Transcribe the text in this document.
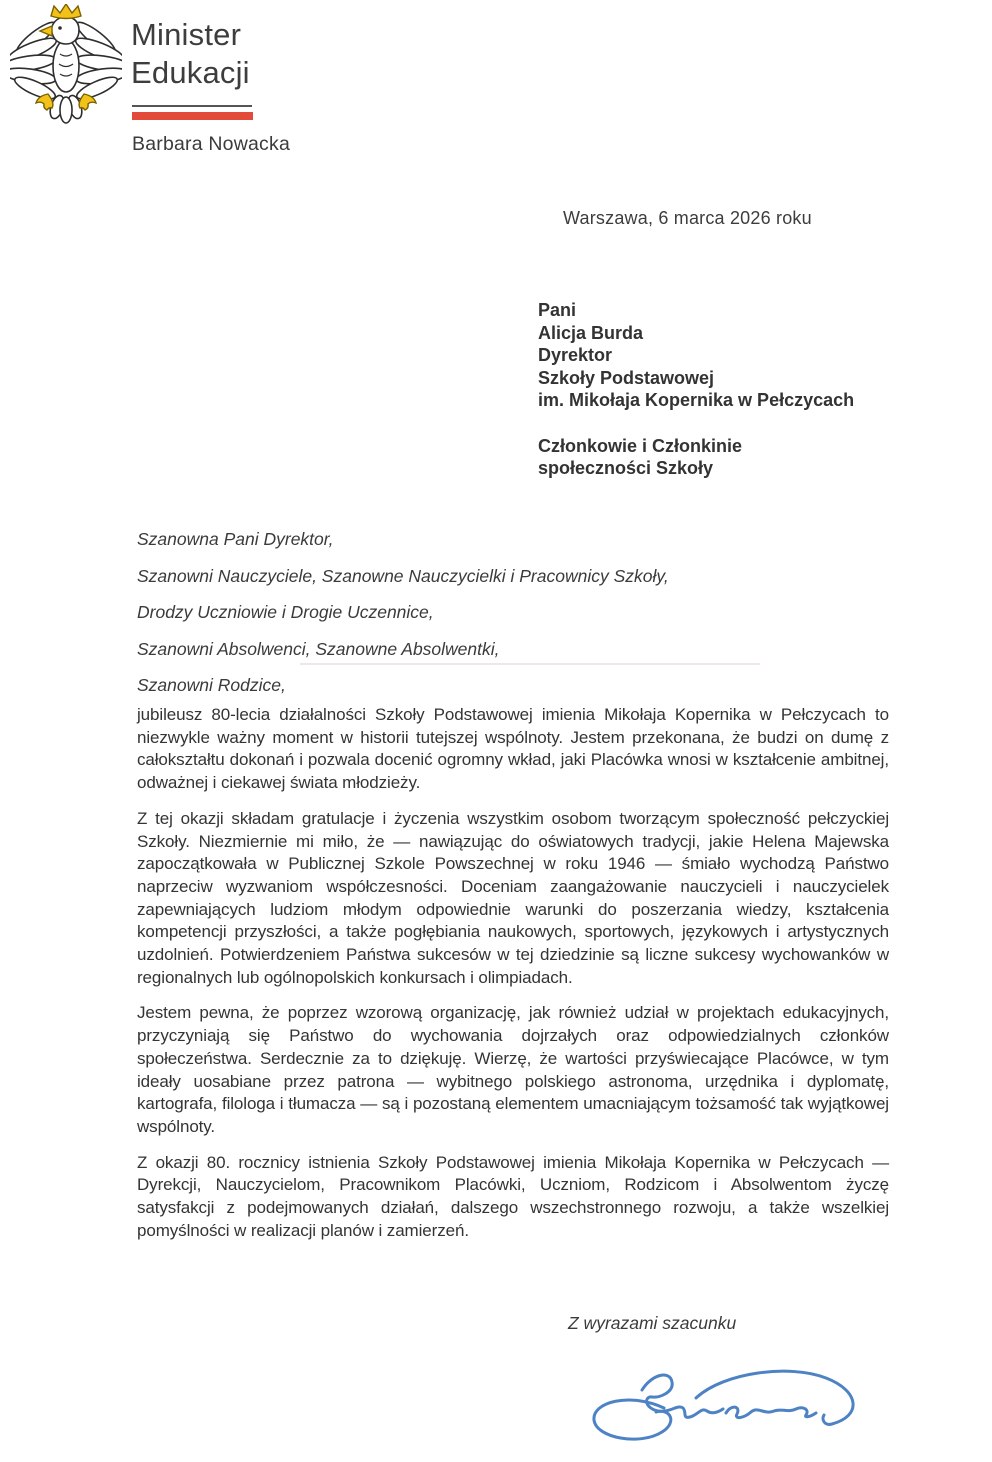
Minister
Edukacji
Barbara Nowacka
Warszawa, 6 marca 2026 roku
Pani
Alicja Burda
Dyrektor
Szkoły Podstawowej
im. Mikołaja Kopernika w Pełczycach
Członkowie i Członkinie
społeczności Szkoły
Szanowna Pani Dyrektor,
Szanowni Nauczyciele, Szanowne Nauczycielki i Pracownicy Szkoły,
Drodzy Uczniowie i Drogie Uczennice,
Szanowni Absolwenci, Szanowne Absolwentki,
Szanowni Rodzice,

jubileusz 80-lecia działalności Szkoły Podstawowej imienia Mikołaja Kopernika w Pełczycach to niezwykle ważny moment w historii tutejszej wspólnoty. Jestem przekonana, że budzi on dumę z całokształtu dokonań i pozwala docenić ogromny wkład, jaki Placówka wnosi w kształcenie ambitnej, odważnej i ciekawej świata młodzieży.

Z tej okazji składam gratulacje i życzenia wszystkim osobom tworzącym społeczność pełczyckiej Szkoły. Niezmiernie mi miło, że — nawiązując do oświatowych tradycji, jakie Helena Majewska zapoczątkowała w Publicznej Szkole Powszechnej w roku 1946 — śmiało wychodzą Państwo naprzeciw wyzwaniom współczesności. Doceniam zaangażowanie nauczycieli i nauczycielek zapewniających ludziom młodym odpowiednie warunki do poszerzania wiedzy, kształcenia kompetencji przyszłości, a także pogłębiania naukowych, sportowych, językowych i artystycznych uzdolnień. Potwierdzeniem Państwa sukcesów w tej dziedzinie są liczne sukcesy wychowanków w regionalnych lub ogólnopolskich konkursach i olimpiadach.

Jestem pewna, że poprzez wzorową organizację, jak również udział w projektach edukacyjnych, przyczyniają się Państwo do wychowania dojrzałych oraz odpowiedzialnych członków społeczeństwa. Serdecznie za to dziękuję. Wierzę, że wartości przyświecające Placówce, w tym ideały uosabiane przez patrona — wybitnego polskiego astronoma, urzędnika i dyplomatę, kartografa, filologa i tłumacza — są i pozostaną elementem umacniającym tożsamość tak wyjątkowej wspólnoty.

Z okazji 80. rocznicy istnienia Szkoły Podstawowej imienia Mikołaja Kopernika w Pełczycach — Dyrekcji, Nauczycielom, Pracownikom Placówki, Uczniom, Rodzicom i Absolwentom życzę satysfakcji z podejmowanych działań, dalszego wszechstronnego rozwoju, a także wszelkiej pomyślności w realizacji planów i zamierzeń.

Z wyrazami szacunku
